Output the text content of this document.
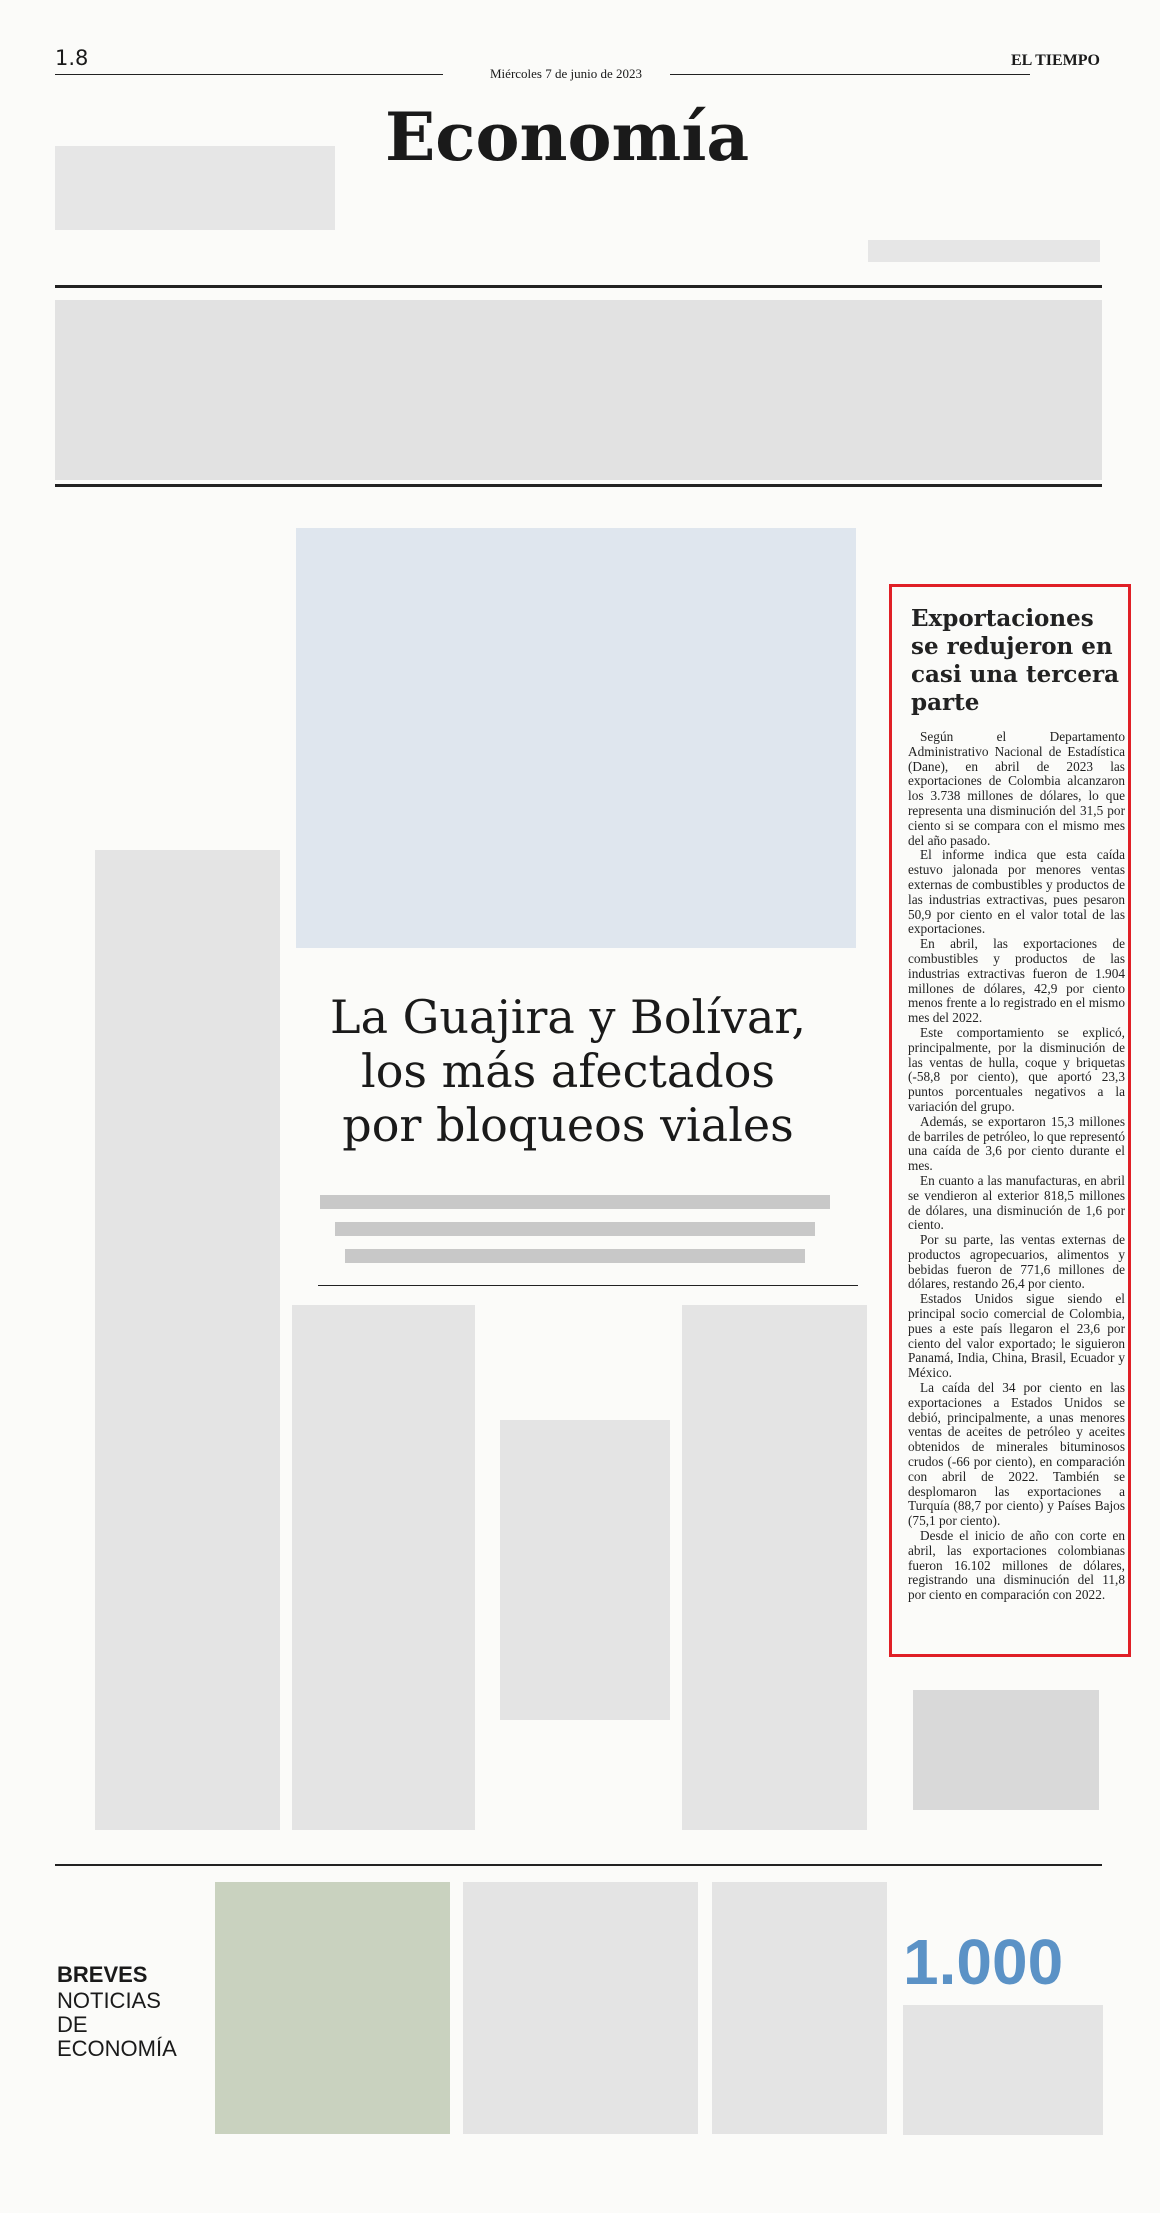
1.8
Miércoles 7 de junio de 2023
EL TIEMPO
Economía
La Guajira y Bolívar, los más afectados por bloqueos viales
BREVES
NOTICIAS DE ECONOMÍA
1.000
Exportaciones se redujeron en casi una tercera parte

Según el Departamento Administrativo Nacional de Estadística (Dane), en abril de 2023 las exportaciones de Colombia alcanzaron los 3.738 millones de dólares, lo que representa una disminución del 31,5 por ciento si se compara con el mismo mes del año pasado.

El informe indica que esta caída estuvo jalonada por menores ventas externas de combustibles y productos de las industrias extractivas, pues pesaron 50,9 por ciento en el valor total de las exportaciones.

En abril, las exportaciones de combustibles y productos de las industrias extractivas fueron de 1.904 millones de dólares, 42,9 por ciento menos frente a lo registrado en el mismo mes del 2022.

Este comportamiento se explicó, principalmente, por la disminución de las ventas de hulla, coque y briquetas (-58,8 por ciento), que aportó 23,3 puntos porcentuales negativos a la variación del grupo.

Además, se exportaron 15,3 millones de barriles de petróleo, lo que representó una caída de 3,6 por ciento durante el mes.

En cuanto a las manufacturas, en abril se vendieron al exterior 818,5 millones de dólares, una disminución de 1,6 por ciento.

Por su parte, las ventas externas de productos agropecuarios, alimentos y bebidas fueron de 771,6 millones de dólares, restando 26,4 por ciento.

Estados Unidos sigue siendo el principal socio comercial de Colombia, pues a este país llegaron el 23,6 por ciento del valor exportado; le siguieron Panamá, India, China, Brasil, Ecuador y México.

La caída del 34 por ciento en las exportaciones a Estados Unidos se debió, principalmente, a unas menores ventas de aceites de petróleo y aceites obtenidos de minerales bituminosos crudos (-66 por ciento), en comparación con abril de 2022. También se desplomaron las exportaciones a Turquía (88,7 por ciento) y Países Bajos (75,1 por ciento).

Desde el inicio de año con corte en abril, las exportaciones colombianas fueron 16.102 millones de dólares, registrando una disminución del 11,8 por ciento en comparación con 2022.
